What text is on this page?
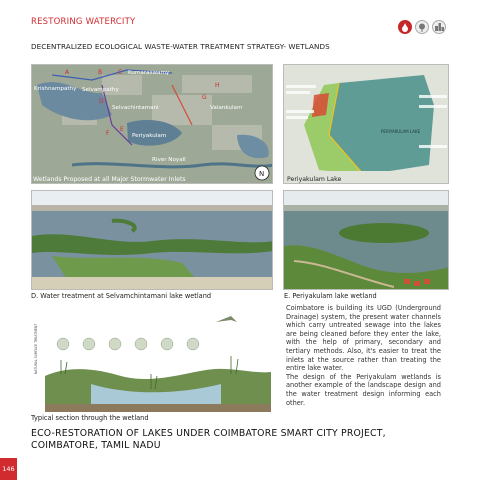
RESTORING WATERCITY
DECENTRALIZED ECOLOGICAL WASTE-WATER TREATMENT STRATEGY- WETLANDS
A	B	C
D
E
F
G
H
Krishnampathy Selvampathy
Kumaraswamy
Selvachintamani	Valankulam
Periyakulam
River Noyall
Wetlands Proposed at all Major Stormwater Inlets
N
PERIYAKULAM LAKE
Periyakulam Lake
D. Water treatment at Selvamchintamani lake wetland	E. Periyakulam lake wetland
NATURAL SURFACE TREATMENT
Typical section through the wetland

Coimbatore is building its UGD (Underground Drainage) system, the present water channels which carry untreated sewage into the lakes are being cleaned before they enter the lake, with the help of primary, secondary and tertiary methods. Also, it's easier to treat the inlets at the source rather than treating the entire lake water.

The design of the Periyakulam wetlands is another example of the landscape design and the water treatment design informing each other.

ECO-RESTORATION OF LAKES UNDER COIMBATORE SMART CITY PROJECT,
COIMBATORE, TAMIL NADU
146
